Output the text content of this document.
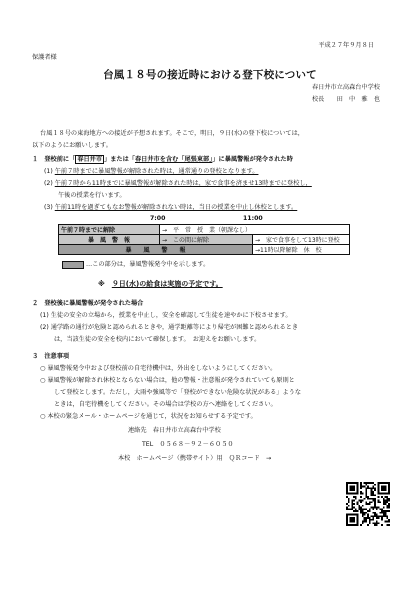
平成２７年９月８日
保護者様
台風１８号の接近時における登下校について
春日井市立高森台中学校
校長　　田　中　雅　也
台風１８号の東海地方への接近が予想されます。そこで，明日，９日(水)の登下校については，
以下のようにお願いします。
１　登校前に「 春日井市 」または「春日井市を含む「尾張東部」」に暴風警報が発令された時
(1) 午前７時までに暴風警報が解除された時は，通常通りの登校となります。
(2) 午前７時から11時までに暴風警報が解除された時は，家で食事を済ませ13時までに登校し，
午後の授業を行います。
(3) 午前11時を過ぎてもなお警報が解除されない時は，当日の授業を中止し休校とします。
7:00	11:00
午前７時までに解除	→　平　常　授　業（朝課なし）	
暴　風　警　報	→　この間に解除	→　家で食事をして13時に登校
暴　　風　　警　　報		→11時以降解除　休　校
…この部分は，暴風警報発令中を示します。
※　 ９日(水)の給食は実施の予定です。
２　登校後に暴風警報が発令された場合
(1) 生徒の安全の立場から，授業を中止し，安全を確認して生徒を速やかに下校させます。
(2) 通学路の通行が危険と認められるときや，通学距離等により帰宅が困難と認められるとき
は，当該生徒の安全を校内において確保します。　お迎えをお願いします。
３　注意事項
○ 暴風警報発令中および登校前の自宅待機中は，外出をしないようにしてください。
○ 暴風警報が解除され休校とならない場合は，他の警報・注意報が発令されていても原則と
して登校とします。ただし，大雨や強風等で「登校ができない危険な状況がある」ような
ときは，自宅待機をしてください。その場合は学校の方へ連絡をしてください。
○ 本校の緊急メール・ホームページを通じて，状況をお知らせする予定です。
連絡先　春日井市立高森台中学校
TEL　０５６８－９２－６０５０
本校　ホームページ（携帯サイト）用　ＱＲコード　→
